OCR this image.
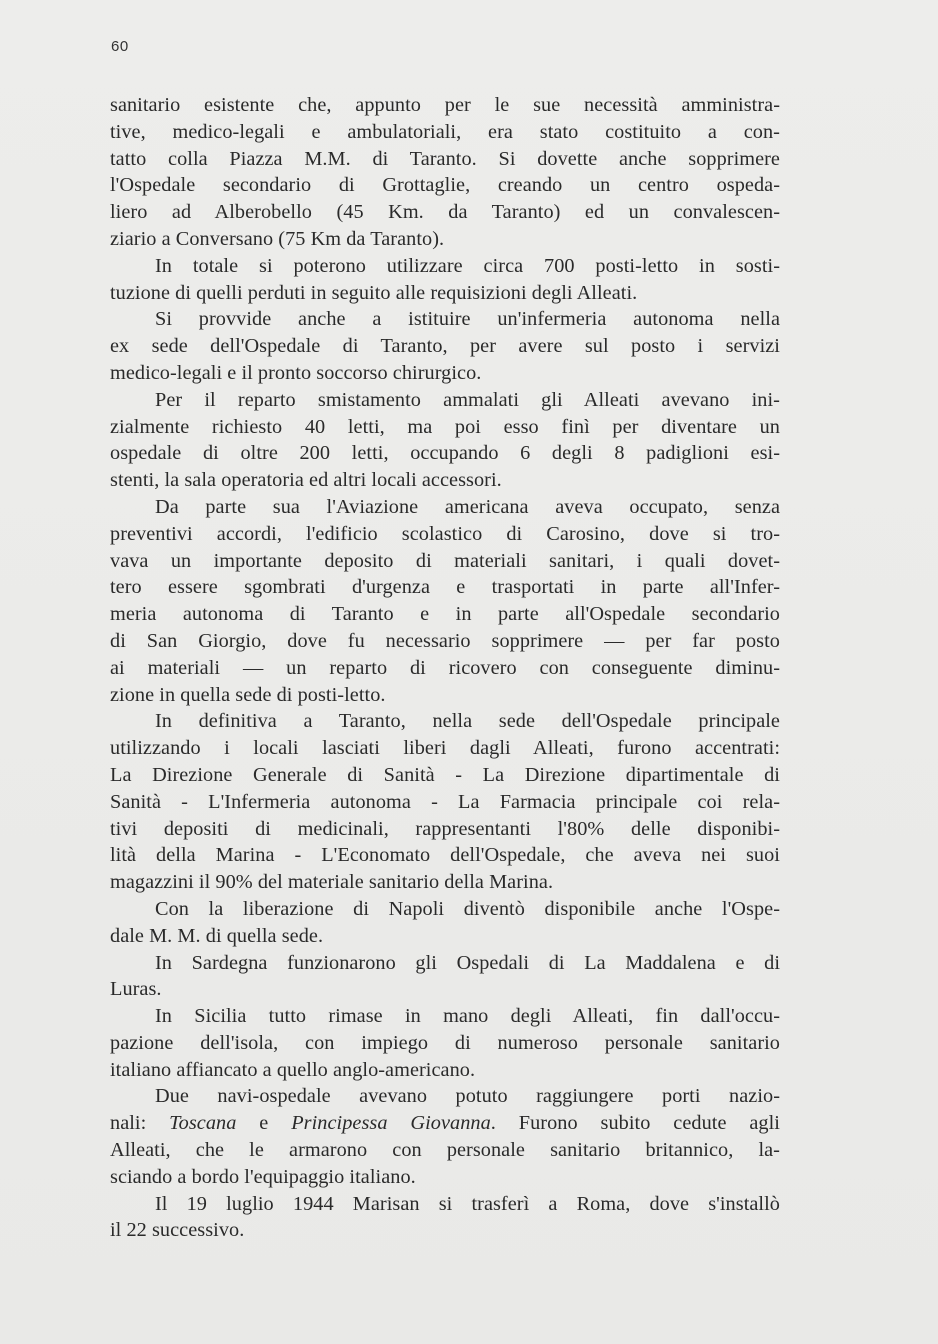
60
sanitario esistente che, appunto per le sue necessità amministra-
tive, medico-legali e ambulatoriali, era stato costituito a con-
tatto colla Piazza M.M. di Taranto. Si dovette anche sopprimere
l'Ospedale secondario di Grottaglie, creando un centro ospeda-
liero ad Alberobello (45 Km. da Taranto) ed un convalescen-
ziario a Conversano (75 Km da Taranto).
In totale si poterono utilizzare circa 700 posti-letto in sosti-
tuzione di quelli perduti in seguito alle requisizioni degli Alleati.
Si provvide anche a istituire un'infermeria autonoma nella
ex sede dell'Ospedale di Taranto, per avere sul posto i servizi
medico-legali e il pronto soccorso chirurgico.
Per il reparto smistamento ammalati gli Alleati avevano ini-
zialmente richiesto 40 letti, ma poi esso finì per diventare un
ospedale di oltre 200 letti, occupando 6 degli 8 padiglioni esi-
stenti, la sala operatoria ed altri locali accessori.
Da parte sua l'Aviazione americana aveva occupato, senza
preventivi accordi, l'edificio scolastico di Carosino, dove si tro-
vava un importante deposito di materiali sanitari, i quali dovet-
tero essere sgombrati d'urgenza e trasportati in parte all'Infer-
meria autonoma di Taranto e in parte all'Ospedale secondario
di San Giorgio, dove fu necessario sopprimere — per far posto
ai materiali — un reparto di ricovero con conseguente diminu-
zione in quella sede di posti-letto.
In definitiva a Taranto, nella sede dell'Ospedale principale
utilizzando i locali lasciati liberi dagli Alleati, furono accentrati:
La Direzione Generale di Sanità - La Direzione dipartimentale di
Sanità - L'Infermeria autonoma - La Farmacia principale coi rela-
tivi depositi di medicinali, rappresentanti l'80% delle disponibi-
lità della Marina - L'Economato dell'Ospedale, che aveva nei suoi
magazzini il 90% del materiale sanitario della Marina.
Con la liberazione di Napoli diventò disponibile anche l'Ospe-
dale M. M. di quella sede.
In Sardegna funzionarono gli Ospedali di La Maddalena e di
Luras.
In Sicilia tutto rimase in mano degli Alleati, fin dall'occu-
pazione dell'isola, con impiego di numeroso personale sanitario
italiano affiancato a quello anglo-americano.
Due navi-ospedale avevano potuto raggiungere porti nazio-
nali: Toscana e Principessa Giovanna. Furono subito cedute agli
Alleati, che le armarono con personale sanitario britannico, la-
sciando a bordo l'equipaggio italiano.
Il 19 luglio 1944 Marisan si trasferì a Roma, dove s'installò
il 22 successivo.
